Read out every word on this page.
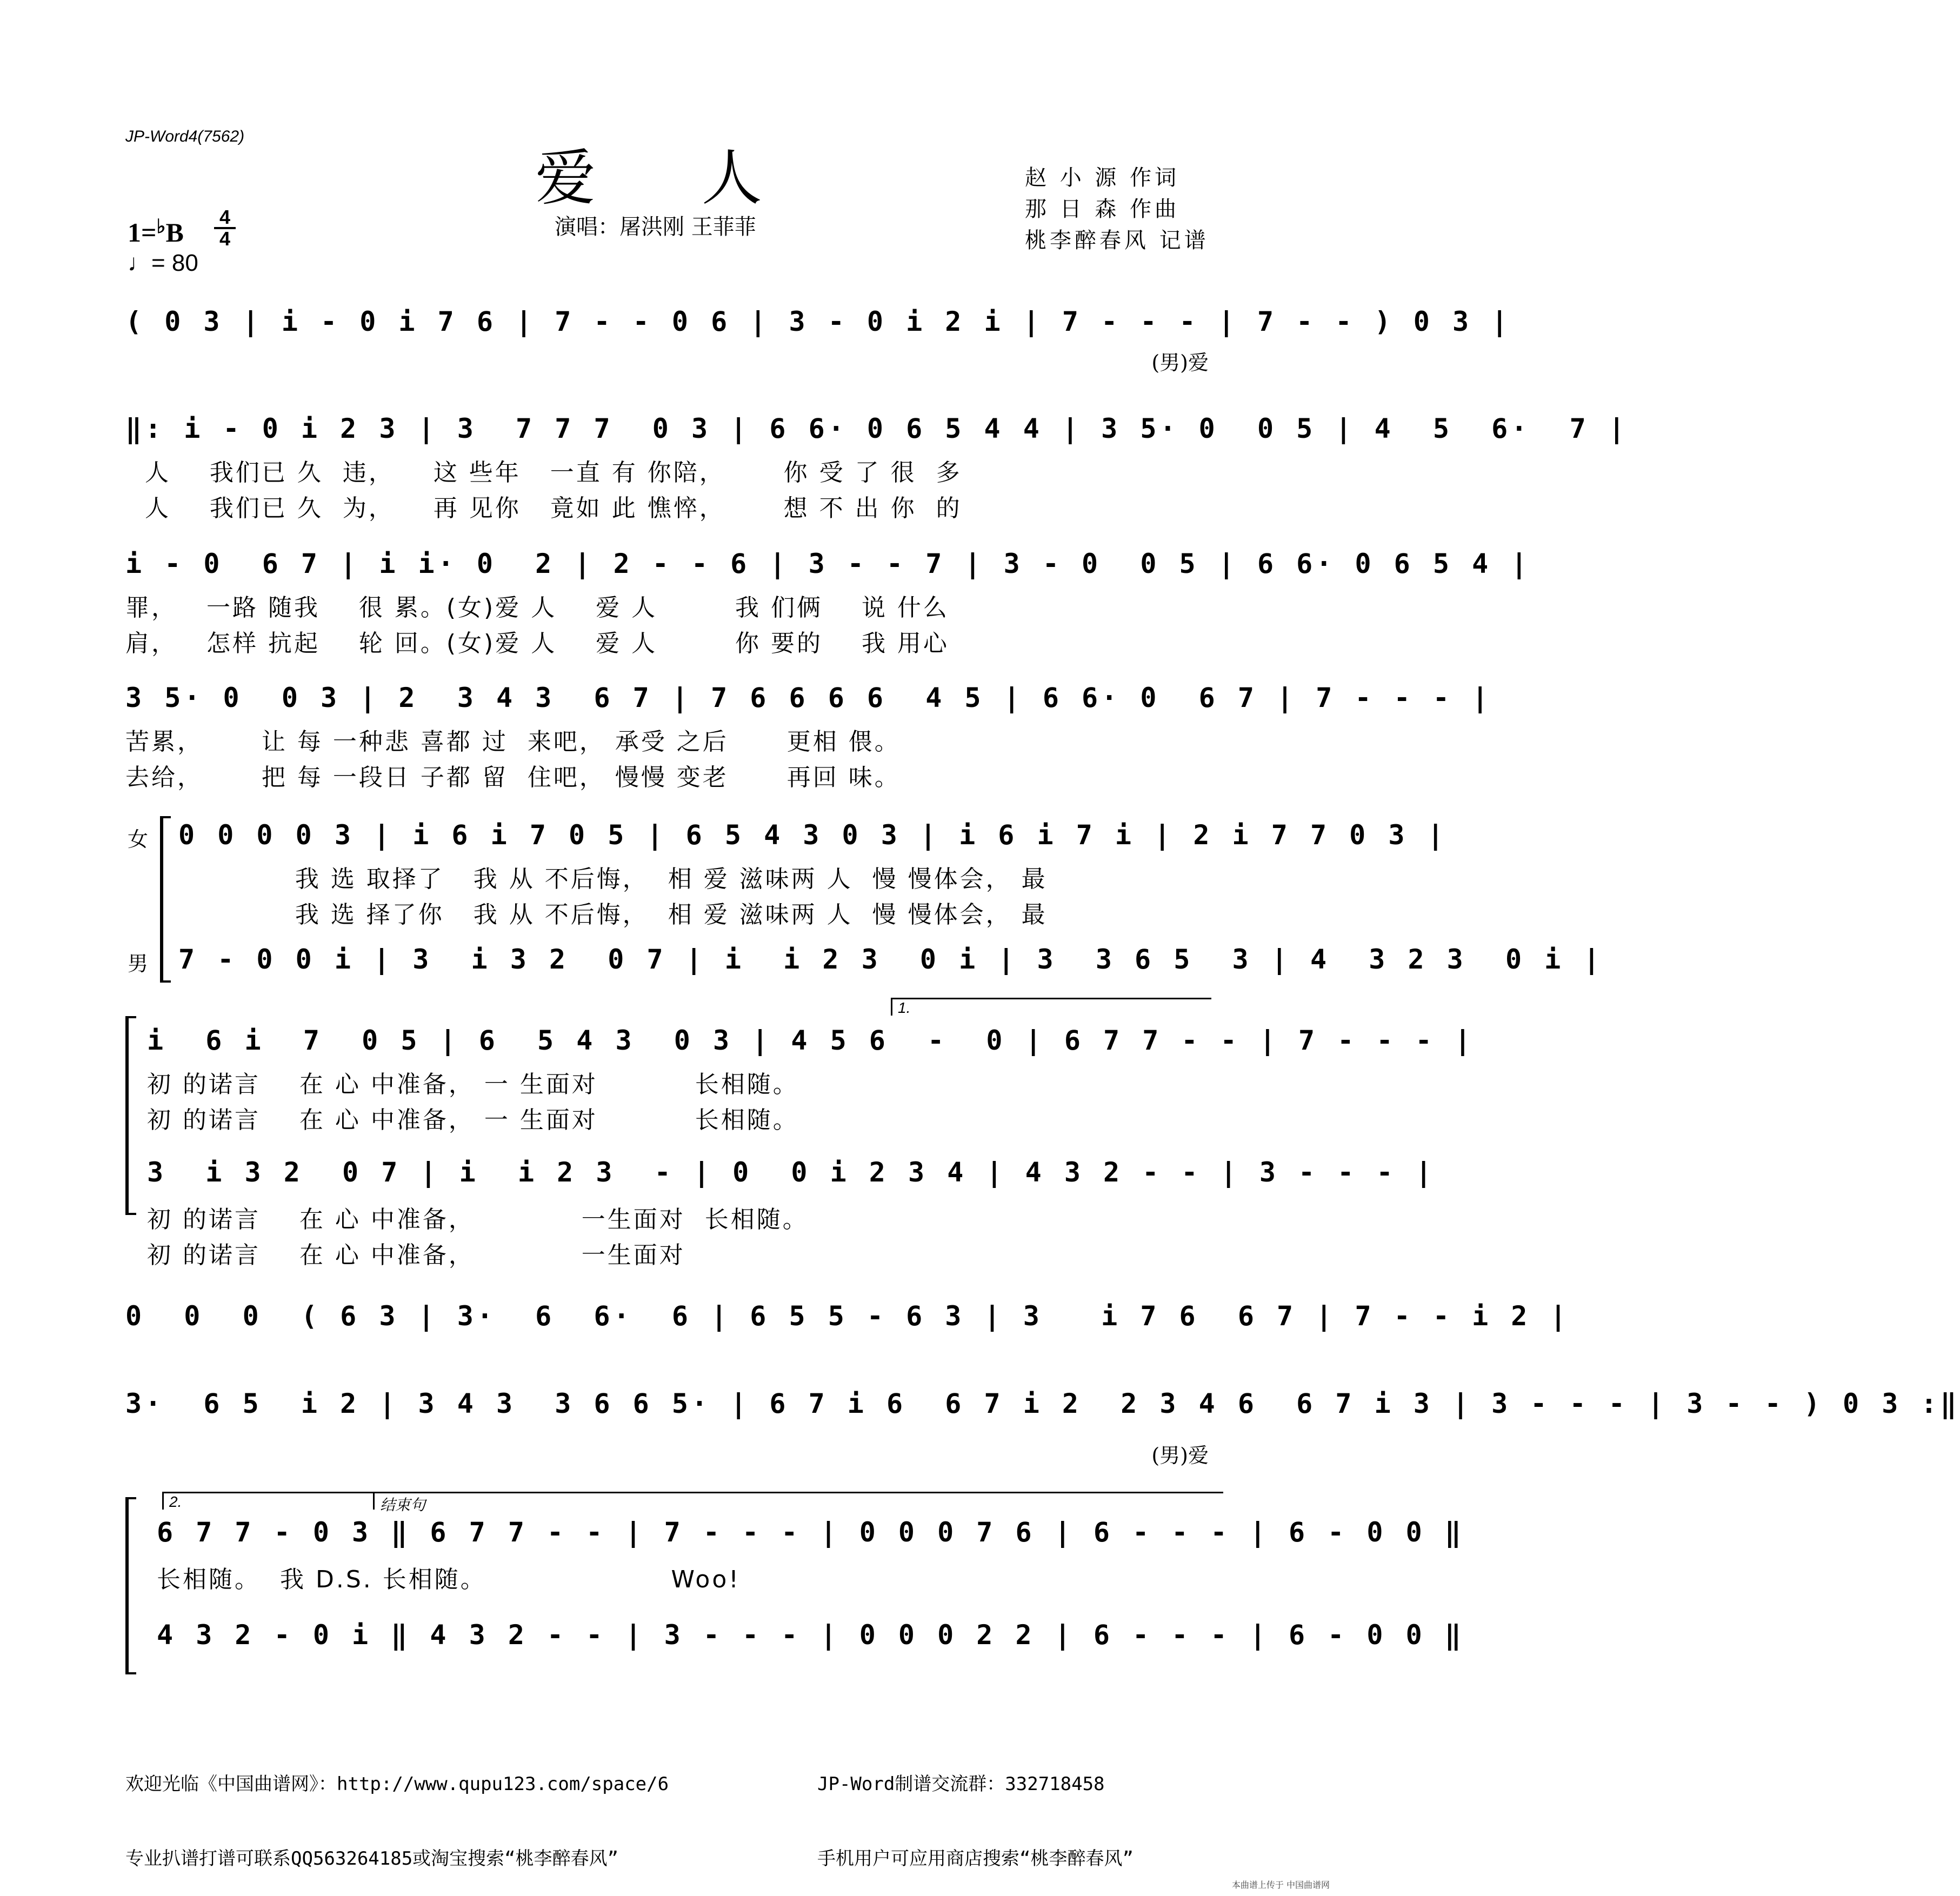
JP-Word4(7562)
爱 人
演唱：屠洪刚 王菲菲
赵 小 源 作词
那 日 森 作曲
桃李醉春风 记谱
1=♭B
4
4
♩= 80
( 0 3 | i - 0 i 7 6 | 7 - - 0 6 | 3 - 0 i 2 i | 7 - - - | 7 - - ) 0 3 |
(男)爱
‖: i - 0 i 2 3 | 3  7 7 7  0 3 | 6 6· 0 6 5 4 4 | 3 5· 0  0 5 | 4  5  6·  7 |
人    我们已 久  违，    这 些年   一直 有 你陪，      你 受 了 很  多
人    我们已 久  为，    再 见你   竟如 此 憔悴，      想 不 出 你  的
i - 0  6 7 | i i· 0  2 | 2 - - 6 | 3 - - 7 | 3 - 0  0 5 | 6 6· 0 6 5 4 |
罪，   一路 随我    很 累。(女)爱 人    爱 人        我 们俩    说 什么
肩，   怎样 抗起    轮 回。(女)爱 人    爱 人        你 要的    我 用心
3 5· 0  0 3 | 2  3 4 3  6 7 | 7 6 6 6 6  4 5 | 6 6· 0  6 7 | 7 - - - |
苦累，      让 每 一种悲 喜都 过  来吧， 承受 之后      更相 偎。
去给，      把 每 一段日 子都 留  住吧， 慢慢 变老      再回 味。
女
男
0 0 0 0 3 | i 6 i 7 0 5 | 6 5 4 3 0 3 | i 6 i 7 i | 2 i 7 7 0 3 |
我 选 取择了   我 从 不后悔，  相 爱 滋味两 人  慢 慢体会， 最
我 选 择了你   我 从 不后悔，  相 爱 滋味两 人  慢 慢体会， 最
7 - 0 0 i | 3  i 3 2  0 7 | i  i 2 3  0 i | 3  3 6 5  3 | 4  3 2 3  0 i |
1.
i  6 i  7  0 5 | 6  5 4 3  0 3 | 4 5 6  -  0 | 6 7 7 - - | 7 - - - |
初 的诺言    在 心 中准备， 一 生面对          长相随。
初 的诺言    在 心 中准备， 一 生面对          长相随。
3  i 3 2  0 7 | i  i 2 3  - | 0  0 i 2 3 4 | 4 3 2 - - | 3 - - - |
初 的诺言    在 心 中准备，           一生面对  长相随。
初 的诺言    在 心 中准备，           一生面对
0  0  0  ( 6 3 | 3·  6  6·  6 | 6 5 5 - 6 3 | 3   i 7 6  6 7 | 7 - - i 2 |
3·  6 5  i 2 | 3 4 3  3 6 6 5· | 6 7 i 6  6 7 i 2  2 3 4 6  6 7 i 3 | 3 - - - | 3 - - ) 0 3 :‖
(男)爱
2.	结束句
6 7 7 - 0 3 ‖ 6 7 7 - - | 7 - - - | 0 0 0 7 6 | 6 - - - | 6 - 0 0 ‖
长相随。  我 D.S. 长相随。                   Woo!
4 3 2 - 0 i ‖ 4 3 2 - - | 3 - - - | 0 0 0 2 2 | 6 - - - | 6 - 0 0 ‖

欢迎光临《中国曲谱网》：http://www.qupu123.com/space/6

专业扒谱打谱可联系QQ563264185或淘宝搜索“桃李醉春风”

JP-Word制谱交流群：332718458

手机用户可应用商店搜索“桃李醉春风”

本曲谱上传于 中国曲谱网
